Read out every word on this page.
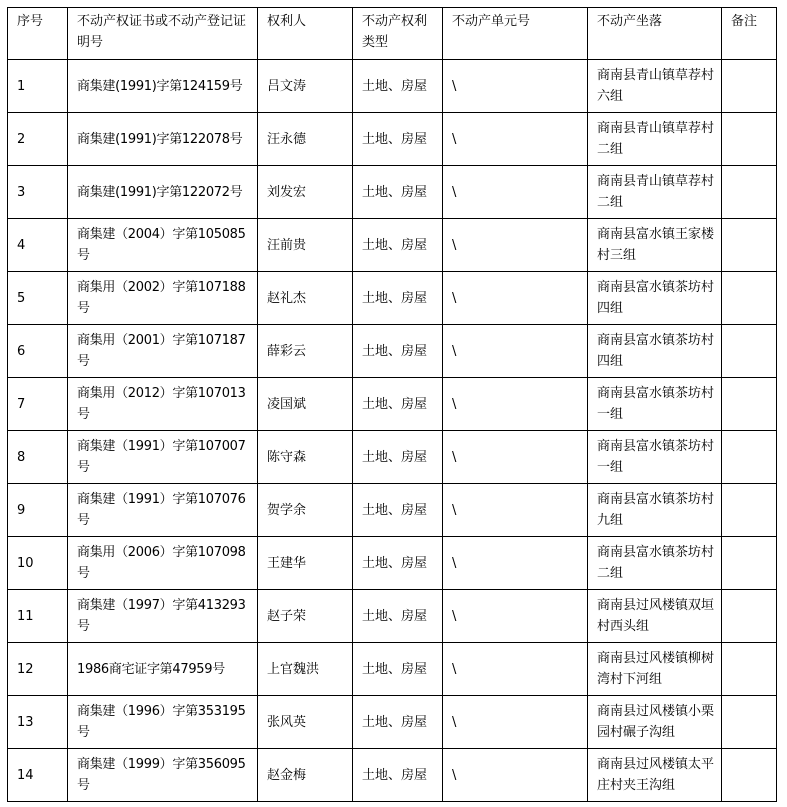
序号	不动产权证书或不动产登记证明号	权利人	不动产权利类型	不动产单元号	不动产坐落	备注
1	商集建(1991)字第124159号	吕文涛	土地、房屋	\	商南县青山镇草荐村六组	
2	商集建(1991)字第122078号	汪永德	土地、房屋	\	商南县青山镇草荐村二组	
3	商集建(1991)字第122072号	刘发宏	土地、房屋	\	商南县青山镇草荐村二组	
4	商集建（2004）字第105085号	汪前贵	土地、房屋	\	商南县富水镇王家楼村三组	
5	商集用（2002）字第107188号	赵礼杰	土地、房屋	\	商南县富水镇茶坊村四组	
6	商集用（2001）字第107187号	薛彩云	土地、房屋	\	商南县富水镇茶坊村四组	
7	商集用（2012）字第107013号	凌国斌	土地、房屋	\	商南县富水镇茶坊村一组	
8	商集建（1991）字第107007号	陈守森	土地、房屋	\	商南县富水镇茶坊村一组	
9	商集建（1991）字第107076号	贺学余	土地、房屋	\	商南县富水镇茶坊村九组	
10	商集用（2006）字第107098号	王建华	土地、房屋	\	商南县富水镇茶坊村二组	
11	商集建（1997）字第413293号	赵子荣	土地、房屋	\	商南县过风楼镇双垣村西头组	
12	1986商宅证字第47959号	上官魏洪	土地、房屋	\	商南县过风楼镇柳树湾村下河组	
13	商集建（1996）字第353195号	张风英	土地、房屋	\	商南县过风楼镇小栗园村碾子沟组	
14	商集建（1999）字第356095号	赵金梅	土地、房屋	\	商南县过风楼镇太平庄村夹王沟组	
